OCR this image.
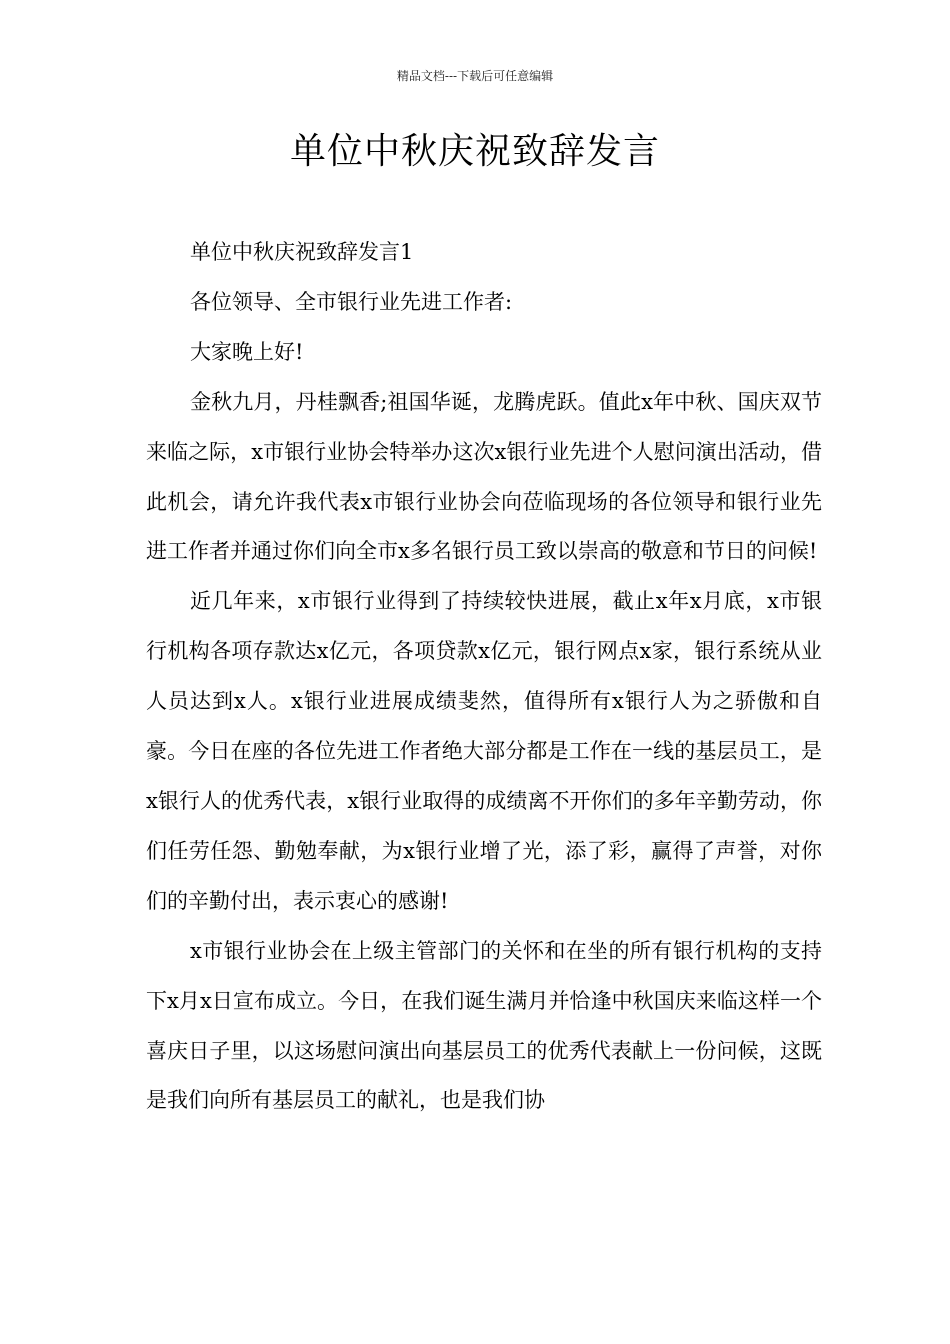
精品文档---下载后可任意编辑
单位中秋庆祝致辞发言

单位中秋庆祝致辞发言1

各位领导、全市银行业先进工作者:

大家晚上好!

金秋九月，丹桂飘香;祖国华诞，龙腾虎跃。值此x年中秋、国庆双节来临之际，x市银行业协会特举办这次x银行业先进个人慰问演出活动，借此机会，请允许我代表x市银行业协会向莅临现场的各位领导和银行业先进工作者并通过你们向全市x多名银行员工致以崇高的敬意和节日的问候!

近几年来，x市银行业得到了持续较快进展，截止x年x月底，x市银行机构各项存款达x亿元，各项贷款x亿元，银行网点x家，银行系统从业人员达到x人。x银行业进展成绩斐然，值得所有x银行人为之骄傲和自豪。今日在座的各位先进工作者绝大部分都是工作在一线的基层员工，是x银行人的优秀代表，x银行业取得的成绩离不开你们的多年辛勤劳动，你们任劳任怨、勤勉奉献，为x银行业增了光，添了彩，赢得了声誉，对你们的辛勤付出，表示衷心的感谢!

x市银行业协会在上级主管部门的关怀和在坐的所有银行机构的支持下x月x日宣布成立。今日，在我们诞生满月并恰逢中秋国庆来临这样一个喜庆日子里，以这场慰问演出向基层员工的优秀代表献上一份问候，这既是我们向所有基层员工的献礼，也是我们协
